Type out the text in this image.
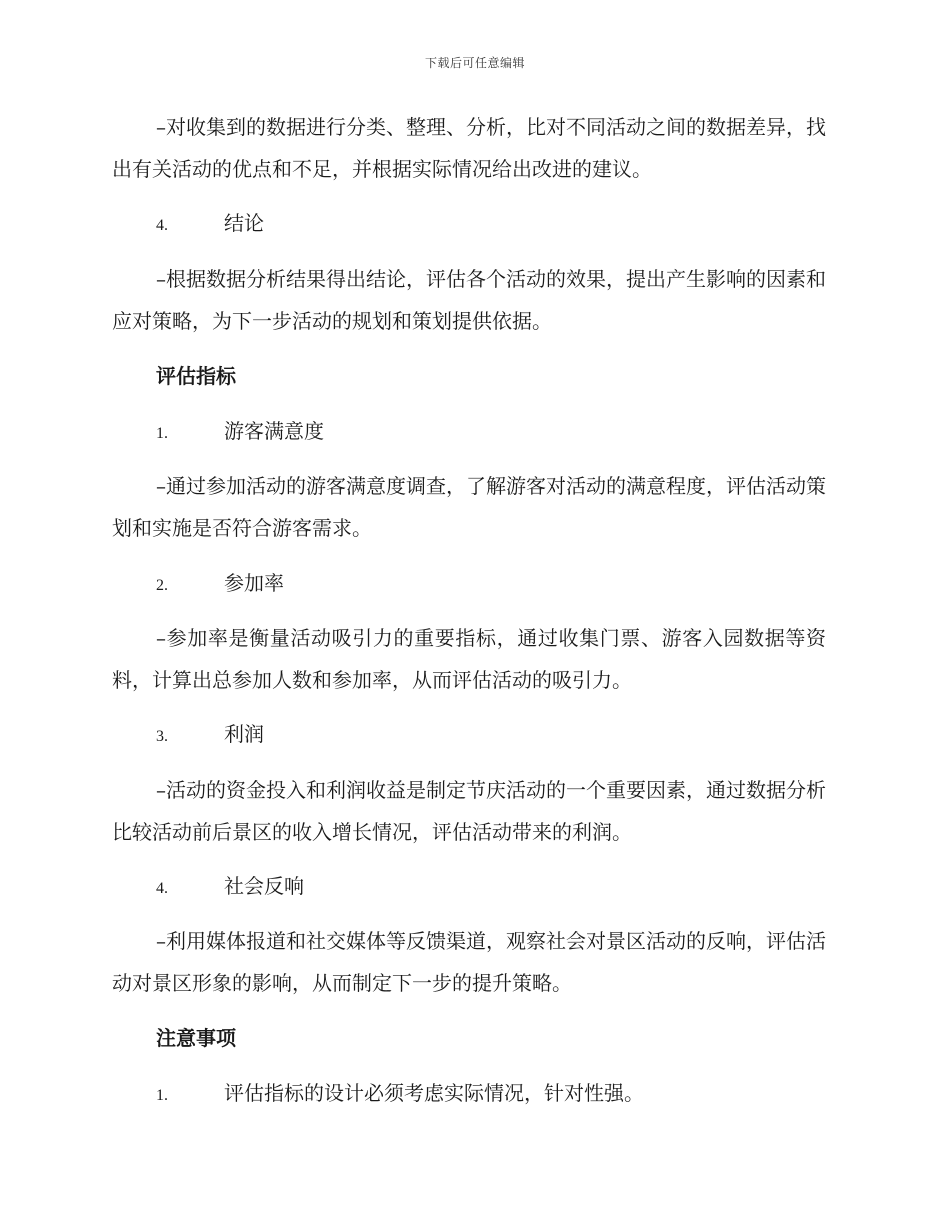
下载后可任意编辑

–对收集到的数据进行分类、整理、分析，比对不同活动之间的数据差异，找出有关活动的优点和不足，并根据实际情况给出改进的建议。

4.	结论

–根据数据分析结果得出结论，评估各个活动的效果，提出产生影响的因素和应对策略，为下一步活动的规划和策划提供依据。

评估指标
1.	游客满意度

–通过参加活动的游客满意度调查，了解游客对活动的满意程度，评估活动策划和实施是否符合游客需求。

2.	参加率

–参加率是衡量活动吸引力的重要指标，通过收集门票、游客入园数据等资料，计算出总参加人数和参加率，从而评估活动的吸引力。

3.	利润

–活动的资金投入和利润收益是制定节庆活动的一个重要因素，通过数据分析比较活动前后景区的收入增长情况，评估活动带来的利润。

4.	社会反响

–利用媒体报道和社交媒体等反馈渠道，观察社会对景区活动的反响，评估活动对景区形象的影响，从而制定下一步的提升策略。

注意事项
1.	评估指标的设计必须考虑实际情况，针对性强。
